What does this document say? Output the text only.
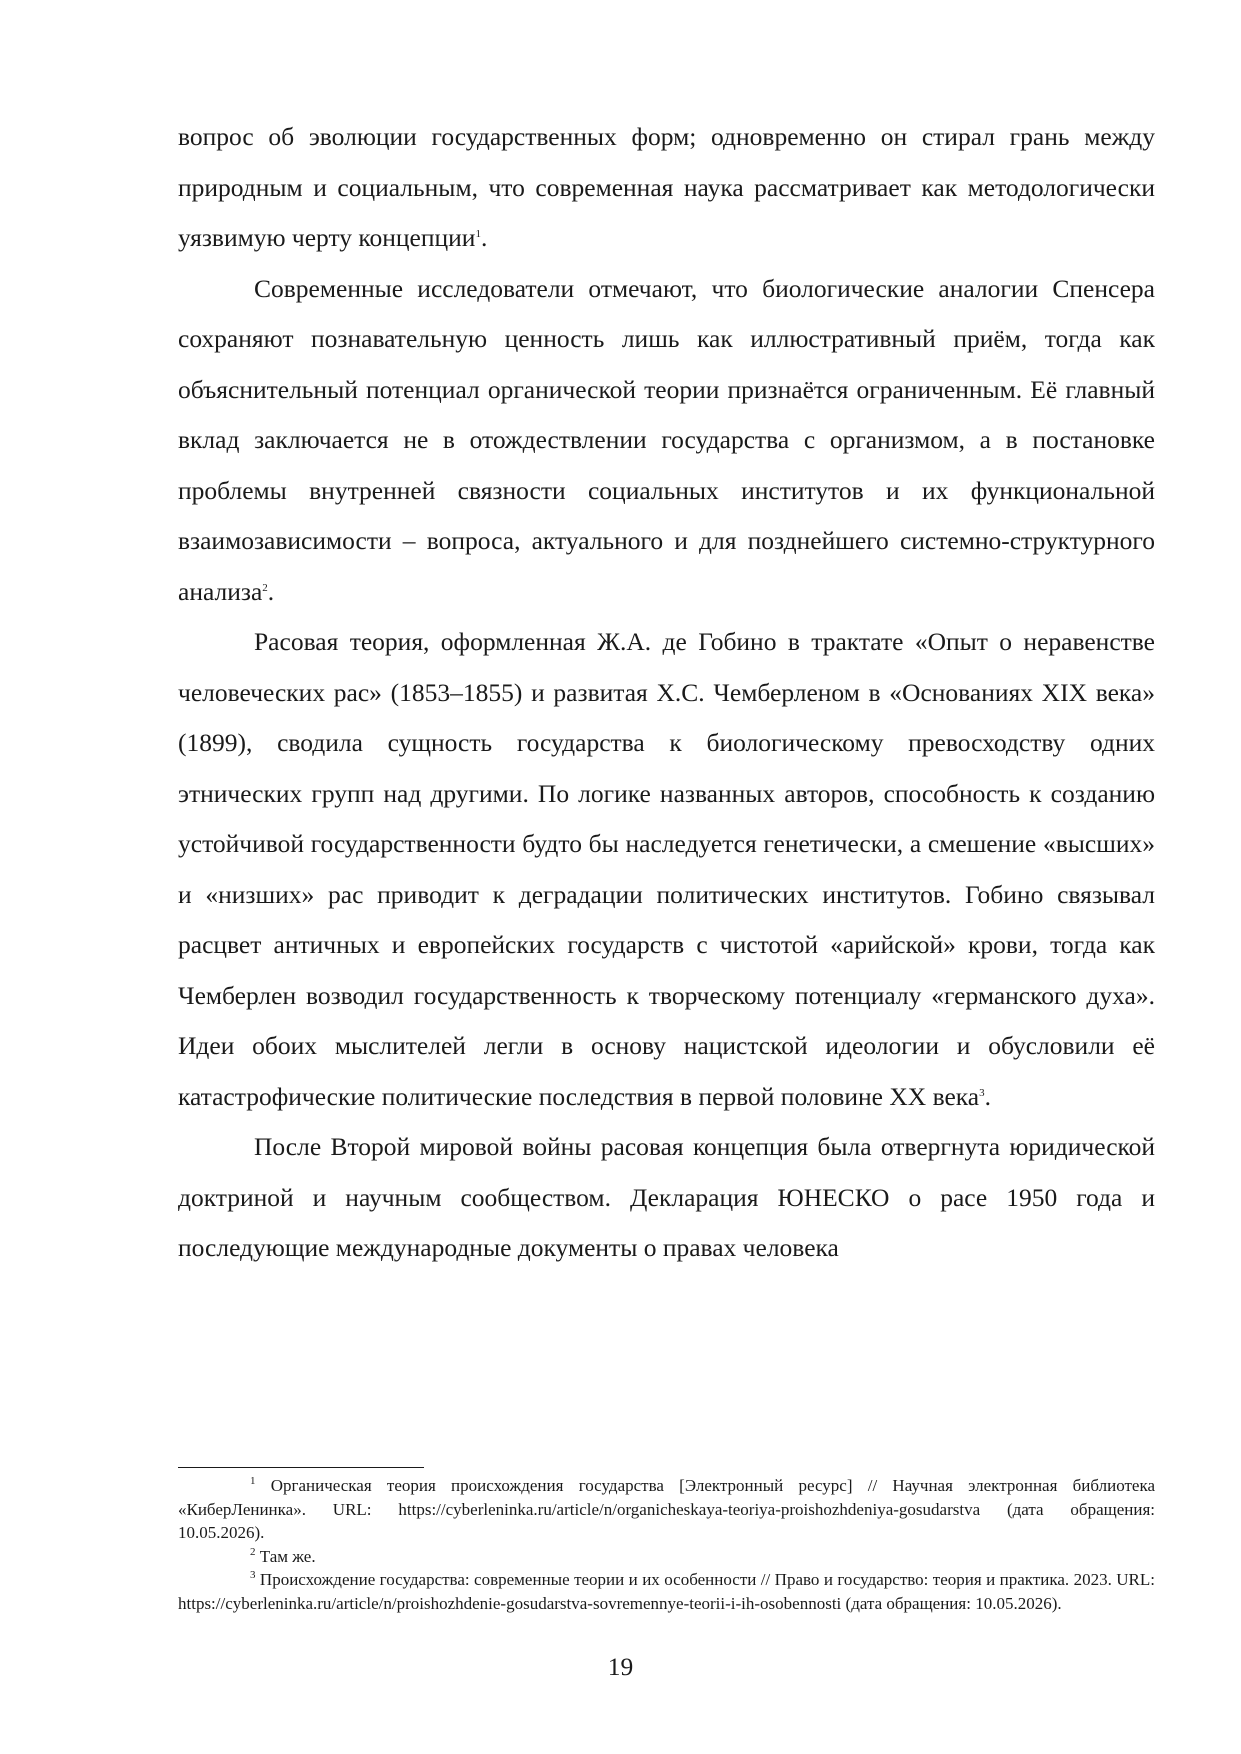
вопрос об эволюции государственных форм; одновременно он стирал грань между природным и социальным, что современная наука рассматривает как методологически уязвимую черту концепции$^1$.

Современные исследователи отмечают, что биологические аналогии Спенсера сохраняют познавательную ценность лишь как иллюстративный приём, тогда как объяснительный потенциал органической теории признаётся ограниченным. Её главный вклад заключается не в отождествлении государства с организмом, а в постановке проблемы внутренней связности социальных институтов и их функциональной взаимозависимости – вопроса, актуального и для позднейшего системно-структурного анализа$^2$.

Расовая теория, оформленная Ж.А. де Гобино в трактате «Опыт о неравенстве человеческих рас» (1853–1855) и развитая Х.С. Чемберленом в «Основаниях XIX века» (1899), сводила сущность государства к биологическому превосходству одних этнических групп над другими. По логике названных авторов, способность к созданию устойчивой государственности будто бы наследуется генетически, а смешение «высших» и «низших» рас приводит к деградации политических институтов. Гобино связывал расцвет античных и европейских государств с чистотой «арийской» крови, тогда как Чемберлен возводил государственность к творческому потенциалу «германского духа». Идеи обоих мыслителей легли в основу нацистской идеологии и обусловили её катастрофические политические последствия в первой половине XX века$^3$.

После Второй мировой войны расовая концепция была отвергнута юридической доктриной и научным сообществом. Декларация ЮНЕСКО о расе 1950 года и последующие международные документы о правах человека

$^1$ Органическая теория происхождения государства [Электронный ресурс] // Научная электронная библиотека «КиберЛенинка». URL: https://cyberleninka.ru/article/n/organicheskaya-teoriya-proishozhdeniya-gosudarstva (дата обращения: 10.05.2026).

$^2$ Там же.

$^3$ Происхождение государства: современные теории и их особенности // Право и государство: теория и практика. 2023. URL: https://cyberleninka.ru/article/n/proishozhdenie-gosudarstva-sovremennye-teorii-i-ih-osobennosti (дата обращения: 10.05.2026).

19
